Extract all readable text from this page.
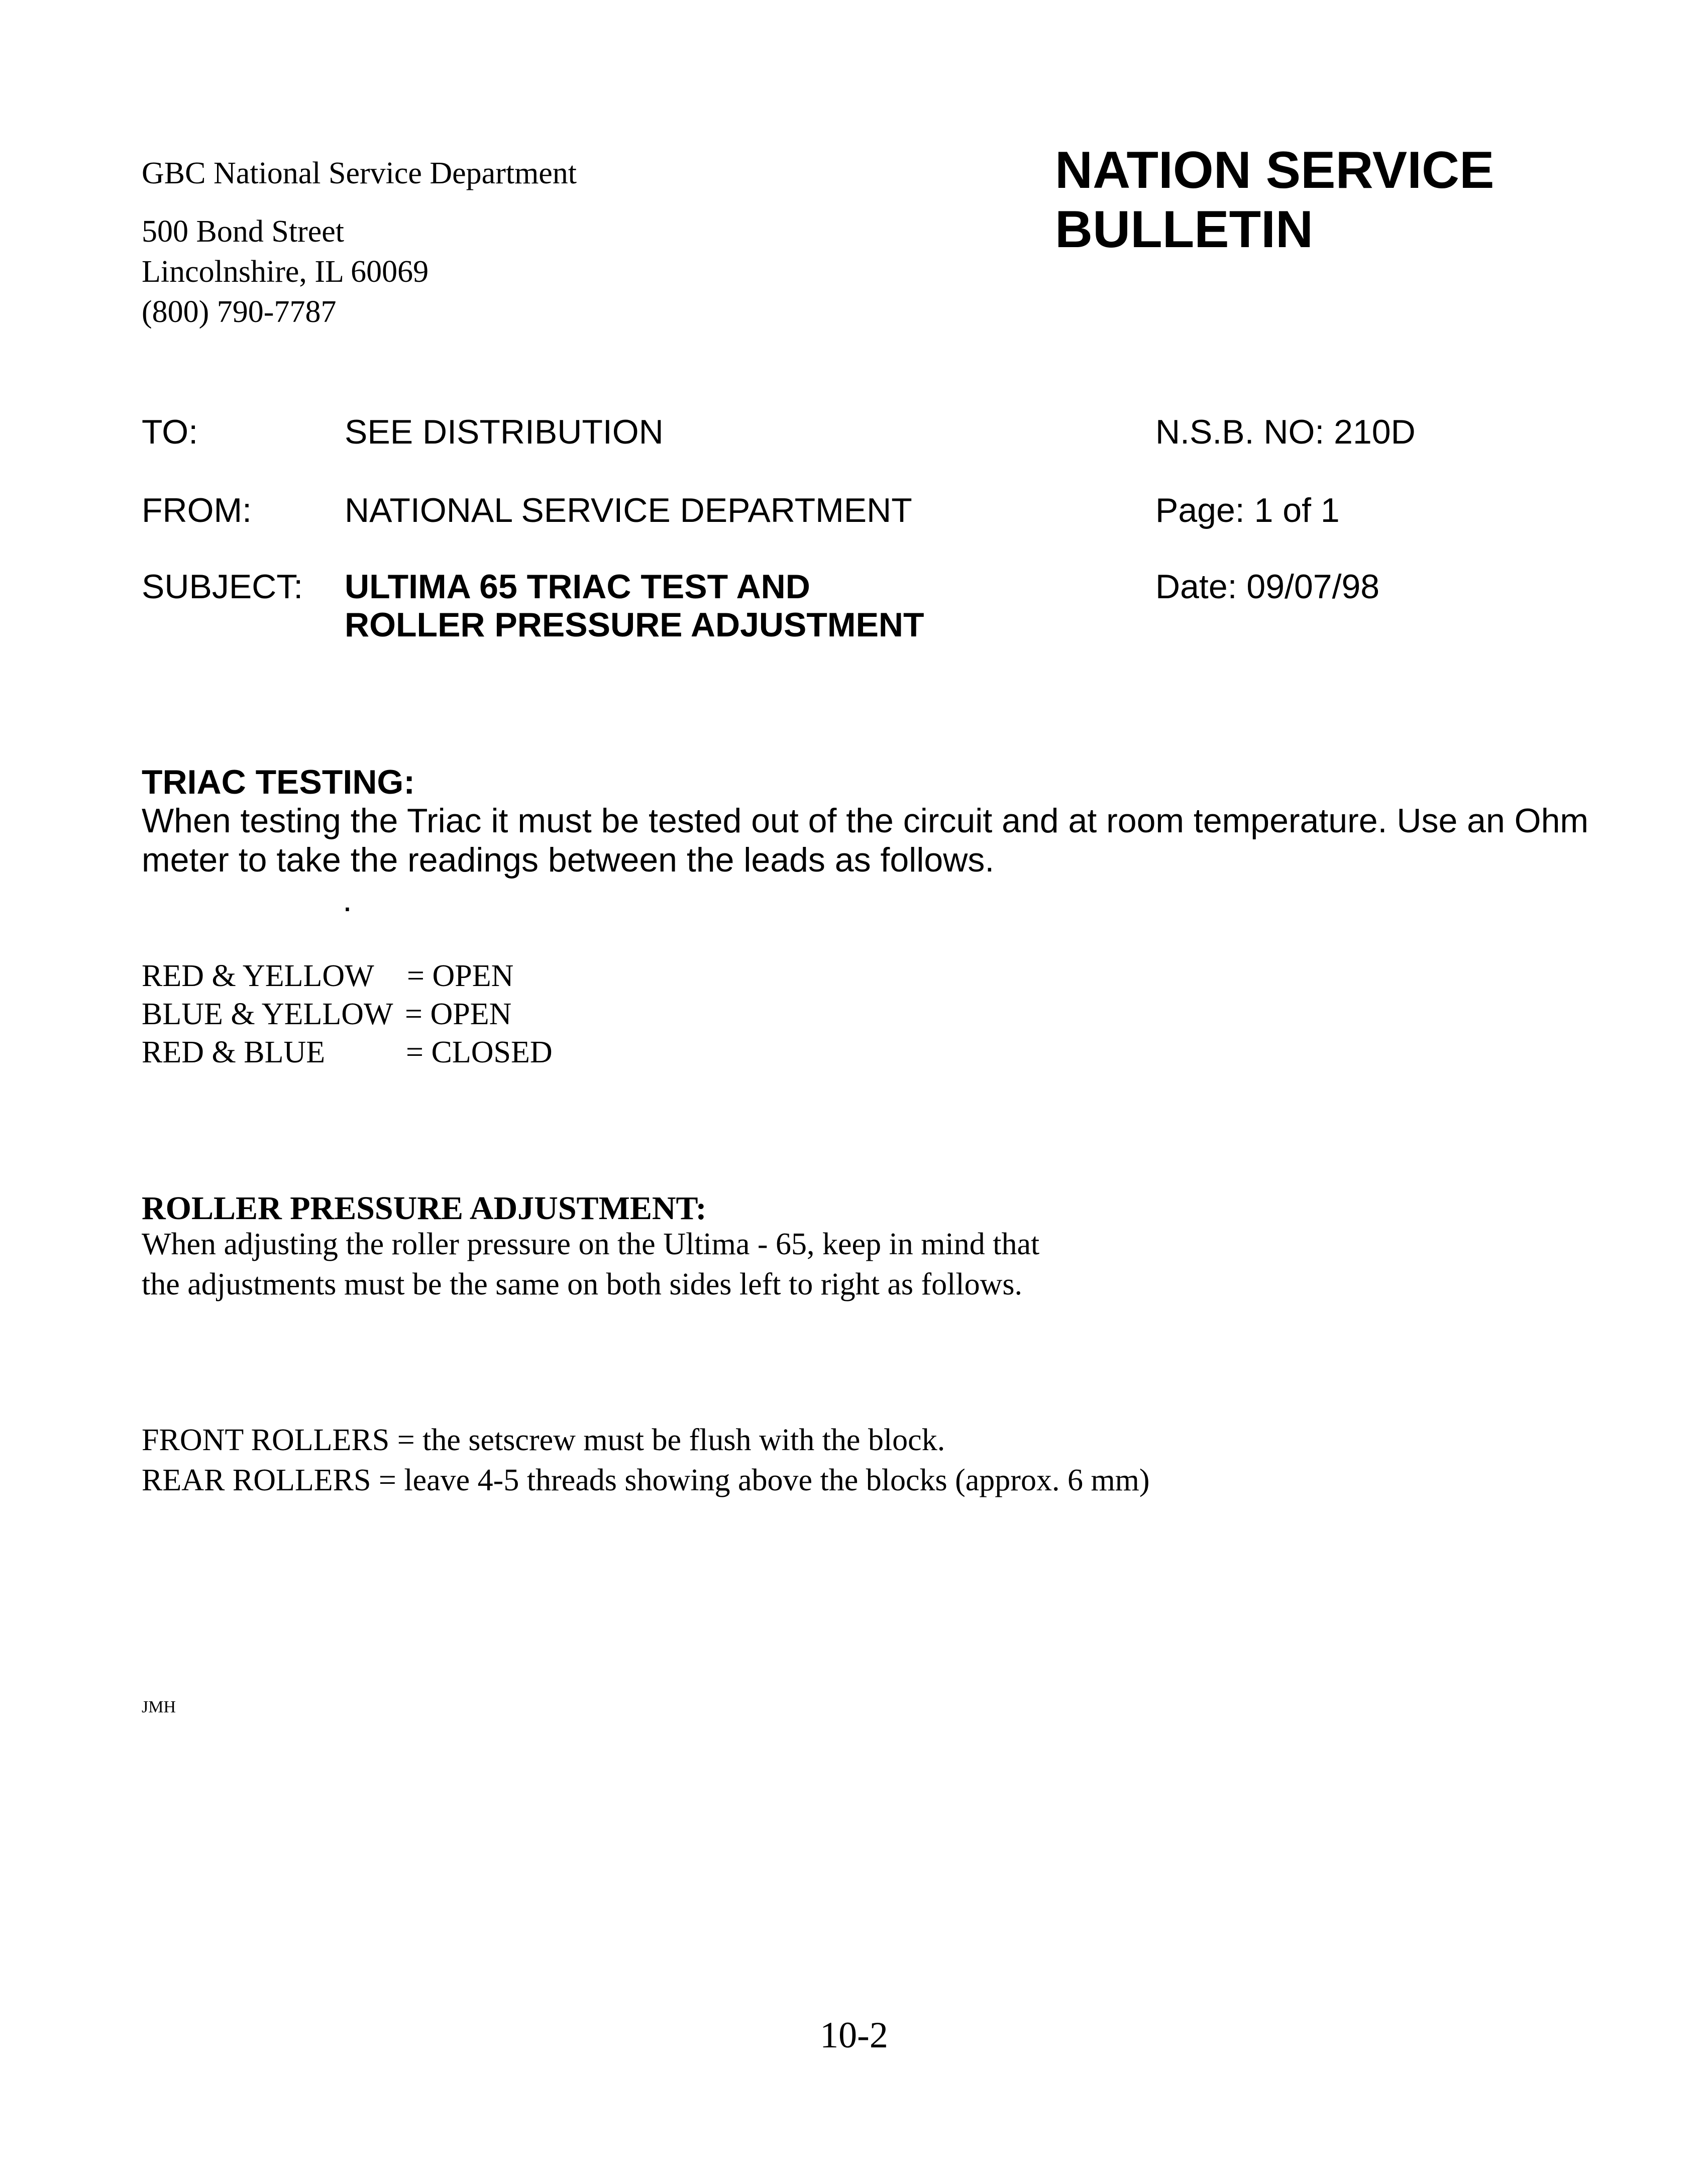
GBC National Service Department

500 Bond Street

Lincolnshire, IL 60069

(800) 790-7787

NATION SERVICE BULLETIN
TO:	SEE DISTRIBUTION	N.S.B. NO: 210D
FROM:	NATIONAL SERVICE DEPARTMENT	Page: 1 of 1
SUBJECT: ULTIMA 65 TRIAC TEST AND
ROLLER PRESSURE ADJUSTMENT
Date: 09/07/98
TRIAC TESTING:

When testing the Triac it must be tested out of the circuit and at room temperature. Use an Ohm

meter to take the readings between the leads as follows.

.
RED & YELLOW = OPEN
BLUE & YELLOW = OPEN
RED & BLUE	= CLOSED
ROLLER PRESSURE ADJUSTMENT:

When adjusting the roller pressure on the Ultima - 65, keep in mind that

the adjustments must be the same on both sides left to right as follows.

FRONT ROLLERS = the setscrew must be flush with the block.

REAR ROLLERS = leave 4-5 threads showing above the blocks (approx. 6 mm)

JMH
10-2
